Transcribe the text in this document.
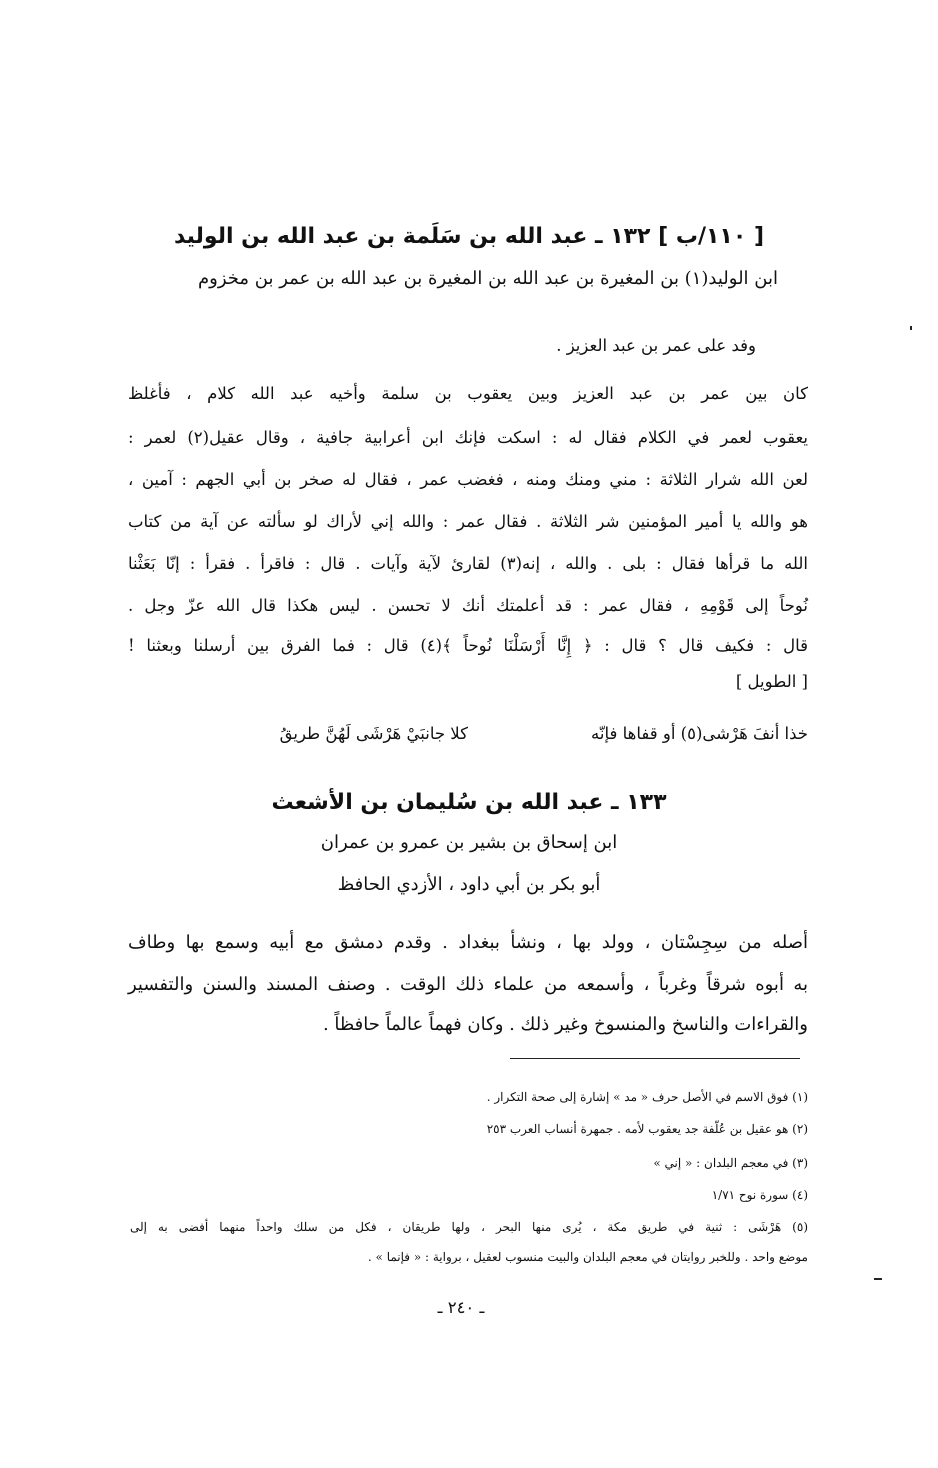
[ ١١٠/ب ] ١٣٢ ـ عبد الله بن سَلَمة بن عبد الله بن الوليد
ابن الوليد(١) بن المغيرة بن عبد الله بن المغيرة بن عبد الله بن عمر بن مخزوم
وفد على عمر بن عبد العزيز .
كان بين عمر بن عبد العزيز وبين يعقوب بن سلمة وأخيه عبد الله كلام ، فأغلظ
يعقوب لعمر في الكلام فقال له : اسكت فإنك ابن أعرابية جافية ، وقال عقيل(٢) لعمر :
لعن الله شرار الثلاثة : مني ومنك ومنه ، فغضب عمر ، فقال له صخر بن أبي الجهم : آمين ،
هو والله يا أمير المؤمنين شر الثلاثة . فقال عمر : والله إني لأراك لو سألته عن آية من كتاب
الله ما قرأها فقال : بلى . والله ، إنه(٣) لقارئ لآية وآيات . قال : فاقرأ . فقرأ : إنّا بَعَثْنا
نُوحاً إلى قَوْمِهِ ، فقال عمر : قد أعلمتك أنك لا تحسن . ليس هكذا قال الله عزّ وجل .
قال : فكيف قال ؟ قال : ﴿ إِنَّا أَرْسَلْنَا نُوحاً ﴾(٤) قال : فما الفرق بين أرسلنا وبعثنا !
[ الطويل ]
خذا أنفَ هَرْشى(٥) أو قفاها فإنّه
كلا جانبَيْ هَرْشَى لَهُنَّ طريقُ
١٣٣ ـ عبد الله بن سُليمان بن الأشعث
ابن إسحاق بن بشير بن عمرو بن عمران
أبو بكر بن أبي داود ، الأزدي الحافظ
أصله من سِجِسْتان ، وولد بها ، ونشأ ببغداد . وقدم دمشق مع أبيه وسمع بها وطاف
به أبوه شرقاً وغرباً ، وأسمعه من علماء ذلك الوقت . وصنف المسند والسنن والتفسير
والقراءات والناسخ والمنسوخ وغير ذلك . وكان فهماً عالماً حافظاً .
(١) فوق الاسم في الأصل حرف « مد » إشارة إلى صحة التكرار .
(٢) هو عقيل بن عُلّفة جد يعقوب لأمه . جمهرة أنساب العرب ٢٥٣
(٣) في معجم البلدان : « إني »
(٤) سورة نوح ١/٧١
(٥) هَرْشَى : ثنية في طريق مكة ، يُرى منها البحر ، ولها طريقان ، فكل من سلك واحداً منهما أفضى به إلى
موضع واحد . وللخبر روايتان في معجم البلدان والبيت منسوب لعقيل ، برواية : « فإنما » .
ـ ٢٤٠ ـ
